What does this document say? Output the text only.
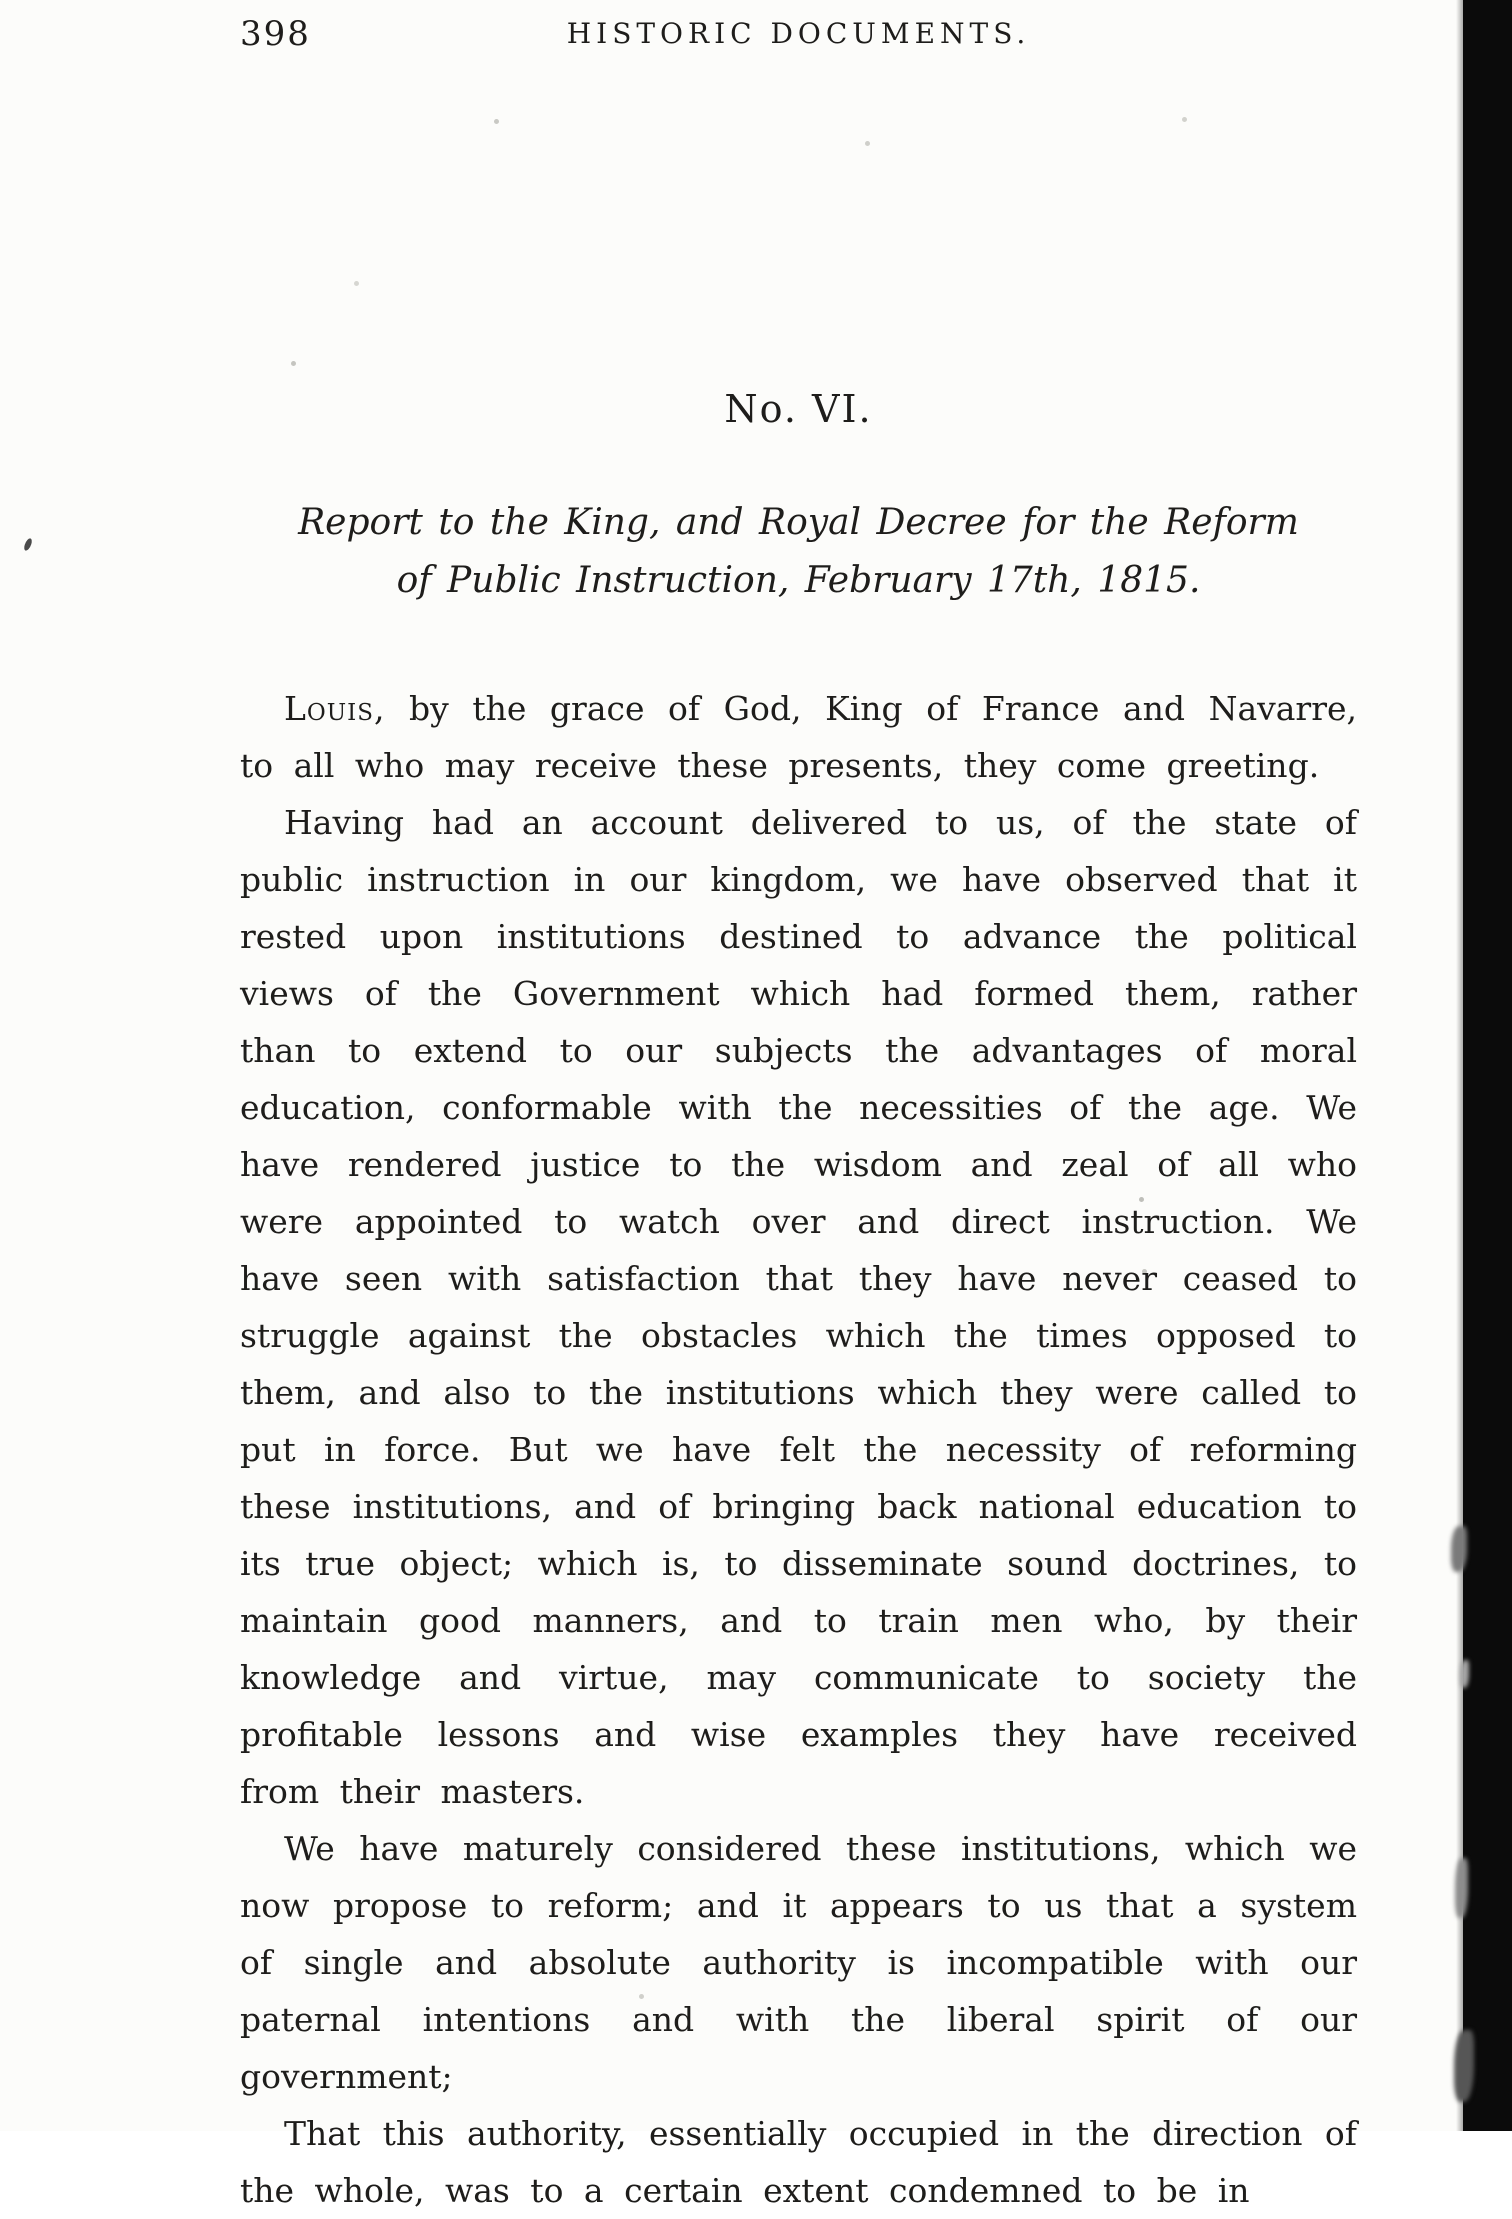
398	HISTORIC DOCUMENTS.
No. VI.
Report to the King, and Royal Decree for the Reform
of Public Instruction, February 17th, 1815.

Louis, by the grace of God, King of France and Navarre, to all who may receive these presents, they come greeting.

Having had an account delivered to us, of the state of public instruction in our kingdom, we have observed that it rested upon institutions destined to advance the political views of the Government which had formed them, rather than to extend to our subjects the advantages of moral education, conformable with the necessities of the age. We have rendered justice to the wisdom and zeal of all who were appointed to watch over and direct instruction. We have seen with satisfaction that they have never ceased to struggle against the obstacles which the times opposed to them, and also to the institutions which they were called to put in force. But we have felt the necessity of reforming these institutions, and of bringing back national education to its true object; which is, to disseminate sound doctrines, to maintain good manners, and to train men who, by their knowledge and virtue, may communicate to society the profitable lessons and wise examples they have received from their masters.

We have maturely considered these institutions, which we now propose to reform; and it appears to us that a system of single and absolute authority is incompatible with our paternal intentions and with the liberal spirit of our government;

That this authority, essentially occupied in the direction of the whole, was to a certain extent condemned to be in
